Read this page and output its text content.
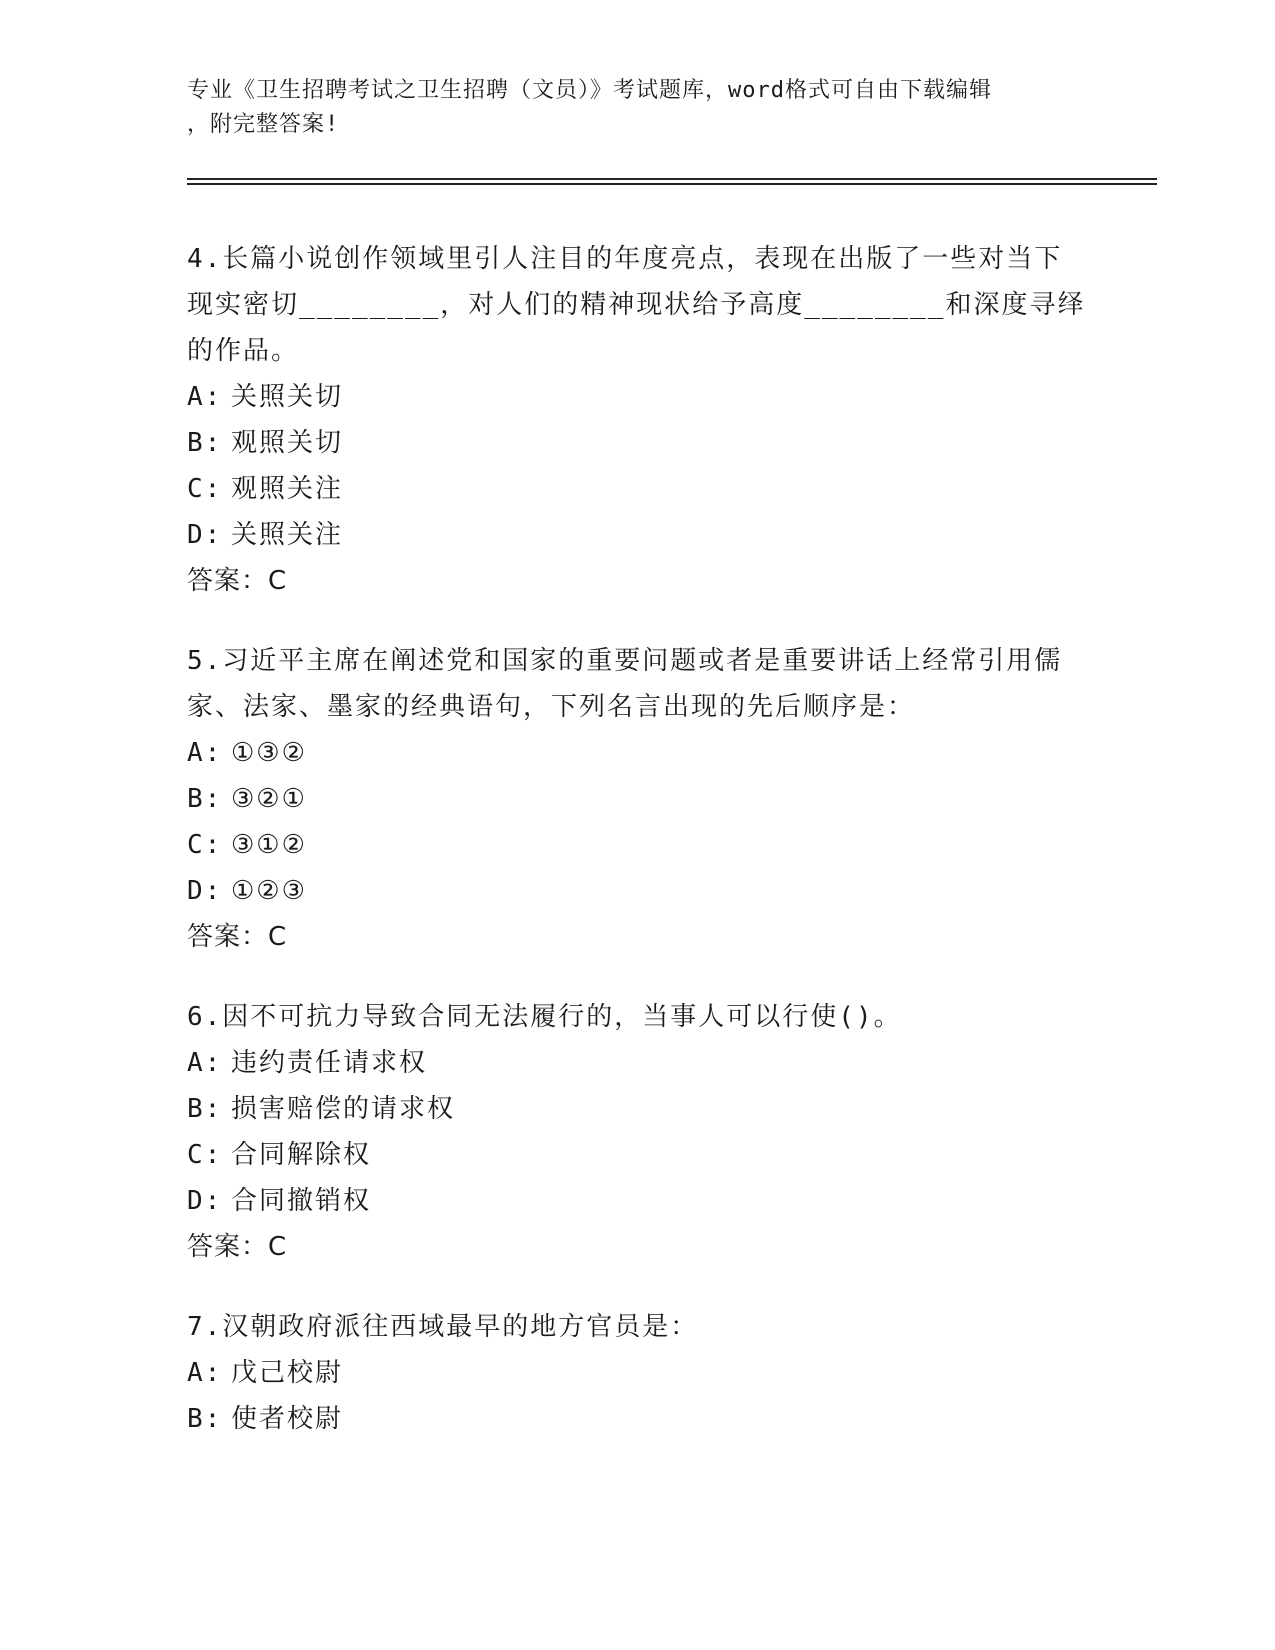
专业《卫生招聘考试之卫生招聘（文员）》考试题库，word格式可自由下载编辑

，附完整答案!

4.长篇小说创作领域里引人注目的年度亮点，表现在出版了一些对当下现实密切________，对人们的精神现状给予高度________和深度寻绎的作品。

A: 关照关切

B: 观照关切

C: 观照关注

D: 关照关注

答案：C

5.习近平主席在阐述党和国家的重要问题或者是重要讲话上经常引用儒家、法家、墨家的经典语句，下列名言出现的先后顺序是：

A: ①③②

B: ③②①

C: ③①②

D: ①②③

答案：C

6.因不可抗力导致合同无法履行的，当事人可以行使()。

A: 违约责任请求权

B: 损害赔偿的请求权

C: 合同解除权

D: 合同撤销权

答案：C

7.汉朝政府派往西域最早的地方官员是：

A: 戊己校尉

B: 使者校尉
